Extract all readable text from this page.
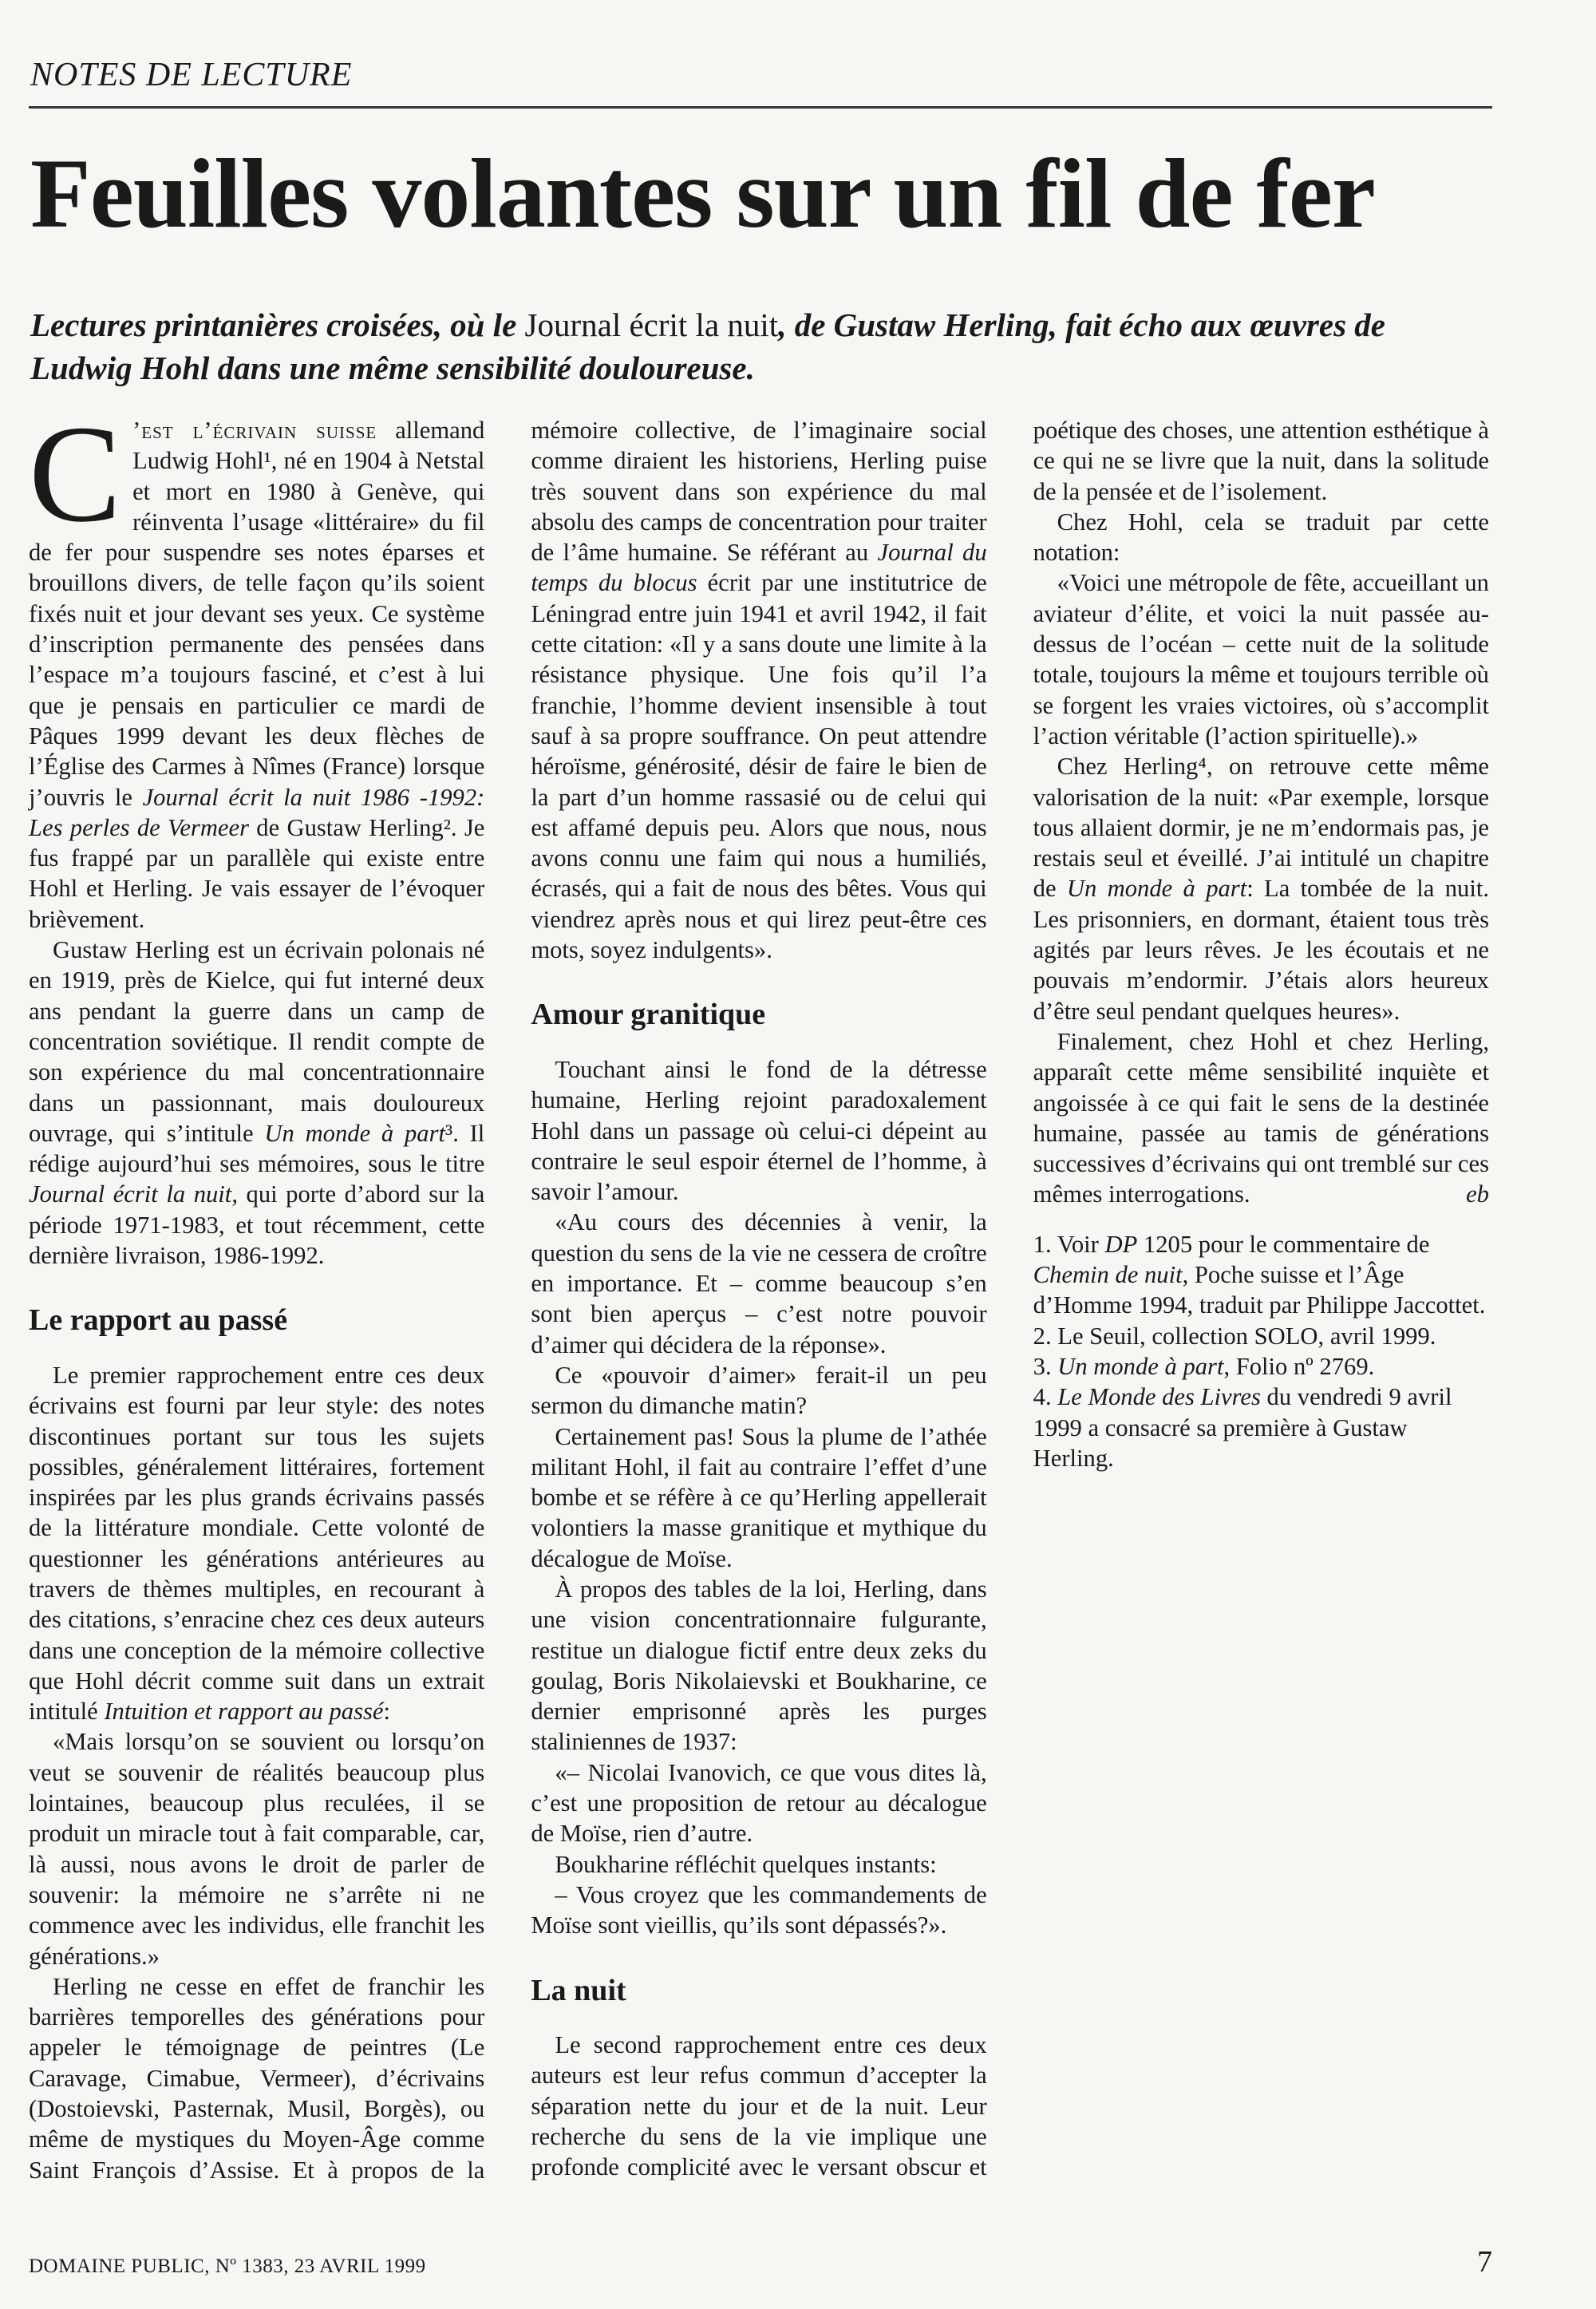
NOTES DE LECTURE
Feuilles volantes sur un fil de fer

Lectures printanières croisées, où le Journal écrit la nuit, de Gustaw Herling, fait écho aux œuvres de Ludwig Hohl dans une même sensibilité douloureuse.

C ’est l’écrivain suisse allemand Ludwig Hohl¹, né en 1904 à Netstal et mort en 1980 à Genève, qui réinventa l’usage «littéraire» du fil de fer pour suspendre ses notes éparses et brouillons divers, de telle façon qu’ils soient fixés nuit et jour devant ses yeux. Ce système d’inscription permanente des pensées dans l’espace m’a toujours fasciné, et c’est à lui que je pensais en particulier ce mardi de Pâques 1999 devant les deux flèches de l’Église des Carmes à Nîmes (France) lorsque j’ouvris le Journal écrit la nuit 1986 -1992: Les perles de Vermeer de Gustaw Herling². Je fus frappé par un parallèle qui existe entre Hohl et Herling. Je vais essayer de l’évoquer brièvement.

Gustaw Herling est un écrivain polonais né en 1919, près de Kielce, qui fut interné deux ans pendant la guerre dans un camp de concentration soviétique. Il rendit compte de son expérience du mal concentrationnaire dans un passionnant, mais douloureux ouvrage, qui s’intitule Un monde à part³. Il rédige aujourd’hui ses mémoires, sous le titre Journal écrit la nuit, qui porte d’abord sur la période 1971-1983, et tout récemment, cette dernière livraison, 1986-1992.

Le rapport au passé

Le premier rapprochement entre ces deux écrivains est fourni par leur style: des notes discontinues portant sur tous les sujets possibles, généralement littéraires, fortement inspirées par les plus grands écrivains passés de la littérature mondiale. Cette volonté de questionner les générations antérieures au travers de thèmes multiples, en recourant à des citations, s’enracine chez ces deux auteurs dans une conception de la mémoire collective que Hohl décrit comme suit dans un extrait intitulé Intuition et rapport au passé:

«Mais lorsqu’on se souvient ou lorsqu’on veut se souvenir de réalités beaucoup plus lointaines, beaucoup plus reculées, il se produit un miracle tout à fait comparable, car, là aussi, nous avons le droit de parler de souvenir: la mémoire ne s’arrête ni ne commence avec les individus, elle franchit les générations.»

Herling ne cesse en effet de franchir les barrières temporelles des générations pour appeler le témoignage de peintres (Le Caravage, Cimabue, Vermeer), d’écrivains (Dostoievski, Pasternak, Musil, Borgès), ou même de mystiques du Moyen-Âge comme Saint François d’Assise. Et à propos de la mémoire collective, de l’imaginaire social comme diraient les historiens, Herling puise très souvent dans son expérience du mal absolu des camps de concentration pour traiter de l’âme humaine. Se référant au Journal du temps du blocus écrit par une institutrice de Léningrad entre juin 1941 et avril 1942, il fait cette citation: «Il y a sans doute une limite à la résistance physique. Une fois qu’il l’a franchie, l’homme devient insensible à tout sauf à sa propre souffrance. On peut attendre héroïsme, générosité, désir de faire le bien de la part d’un homme rassasié ou de celui qui est affamé depuis peu. Alors que nous, nous avons connu une faim qui nous a humiliés, écrasés, qui a fait de nous des bêtes. Vous qui viendrez après nous et qui lirez peut-être ces mots, soyez indulgents».

Amour granitique

Touchant ainsi le fond de la détresse humaine, Herling rejoint paradoxalement Hohl dans un passage où celui-ci dépeint au contraire le seul espoir éternel de l’homme, à savoir l’amour.

«Au cours des décennies à venir, la question du sens de la vie ne cessera de croître en importance. Et – comme beaucoup s’en sont bien aperçus – c’est notre pouvoir d’aimer qui décidera de la réponse».

Ce «pouvoir d’aimer» ferait-il un peu sermon du dimanche matin?

Certainement pas! Sous la plume de l’athée militant Hohl, il fait au contraire l’effet d’une bombe et se réfère à ce qu’Herling appellerait volontiers la masse granitique et mythique du décalogue de Moïse.

À propos des tables de la loi, Herling, dans une vision concentrationnaire fulgurante, restitue un dialogue fictif entre deux zeks du goulag, Boris Nikolaievski et Boukharine, ce dernier emprisonné après les purges staliniennes de 1937:

«– Nicolai Ivanovich, ce que vous dites là, c’est une proposition de retour au décalogue de Moïse, rien d’autre.

Boukharine réfléchit quelques instants:

– Vous croyez que les commandements de Moïse sont vieillis, qu’ils sont dépassés?».

La nuit

Le second rapprochement entre ces deux auteurs est leur refus commun d’accepter la séparation nette du jour et de la nuit. Leur recherche du sens de la vie implique une profonde complicité avec le versant obscur et poétique des choses, une attention esthétique à ce qui ne se livre que la nuit, dans la solitude de la pensée et de l’isolement.

Chez Hohl, cela se traduit par cette notation:

«Voici une métropole de fête, accueillant un aviateur d’élite, et voici la nuit passée au-dessus de l’océan – cette nuit de la solitude totale, toujours la même et toujours terrible où se forgent les vraies victoires, où s’accomplit l’action véritable (l’action spirituelle).»

Chez Herling⁴, on retrouve cette même valorisation de la nuit: «Par exemple, lorsque tous allaient dormir, je ne m’endormais pas, je restais seul et éveillé. J’ai intitulé un chapitre de Un monde à part: La tombée de la nuit. Les prisonniers, en dormant, étaient tous très agités par leurs rêves. Je les écoutais et ne pouvais m’endormir. J’étais alors heureux d’être seul pendant quelques heures».

Finalement, chez Hohl et chez Herling, apparaît cette même sensibilité inquiète et angoissée à ce qui fait le sens de la destinée humaine, passée au tamis de générations successives d’écrivains qui ont tremblé sur ces mêmes interrogations.	eb

1. Voir DP 1205 pour le commentaire de Chemin de nuit, Poche suisse et l’Âge d’Homme 1994, traduit par Philippe Jaccottet.

2. Le Seuil, collection SOLO, avril 1999.

3. Un monde à part, Folio nº 2769.

4. Le Monde des Livres du vendredi 9 avril 1999 a consacré sa première à Gustaw Herling.

DOMAINE PUBLIC, Nº 1383, 23 AVRIL 1999	7
